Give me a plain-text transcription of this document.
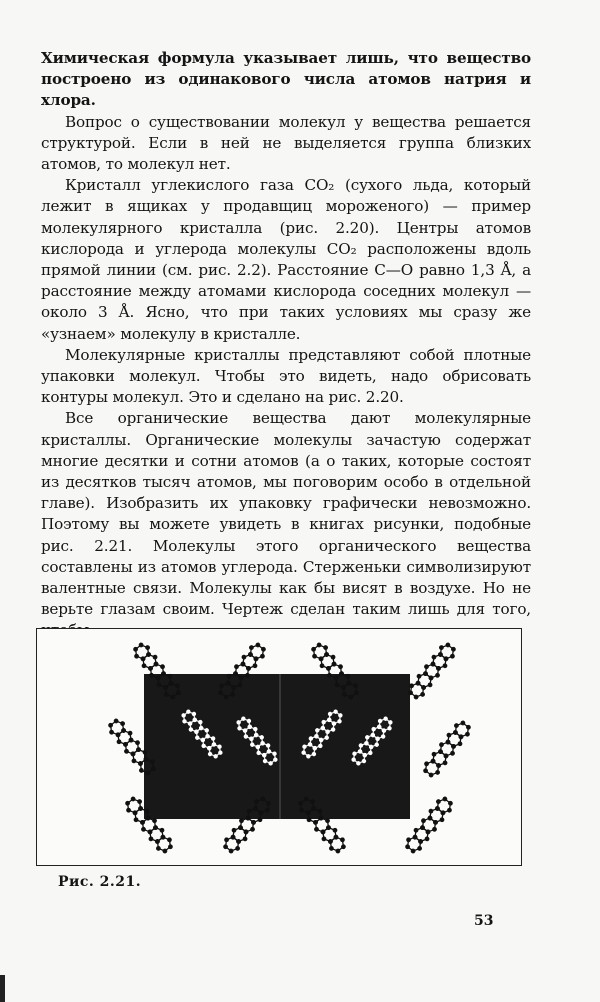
Химическая формула указывает лишь, что вещество построено из одинакового числа атомов натрия и хлора.

Вопрос о существовании молекул у вещества решается структурой. Если в ней не выделяется группа близких атомов, то молекул нет.

Кристалл углекислого газа CO₂ (сухого льда, который лежит в ящиках у продавщиц мороженого) — пример молекулярного кристалла (рис. 2.20). Центры атомов кислорода и углерода молекулы CO₂ расположены вдоль прямой линии (см. рис. 2.2). Расстояние C—O равно 1,3 Å, а расстояние между атомами кислорода соседних молекул — около 3 Å. Ясно, что при таких условиях мы сразу же «узнаем» молекулу в кристалле.

Молекулярные кристаллы представляют собой плотные упаковки молекул. Чтобы это видеть, надо обрисовать контуры молекул. Это и сделано на рис. 2.20.

Все органические вещества дают молекулярные кристаллы. Органические молекулы зачастую содержат многие десятки и сотни атомов (а о таких, которые состоят из десятков тысяч атомов, мы поговорим особо в отдельной главе). Изобразить их упаковку графически невозможно. Поэтому вы можете увидеть в книгах рисунки, подобные рис. 2.21. Молекулы этого органического вещества составлены из атомов углерода. Стерженьки символизируют валентные связи. Молекулы как бы висят в воздухе. Но не верьте глазам своим. Чертеж сделан таким лишь для того,

Рис. 2.21.
53
